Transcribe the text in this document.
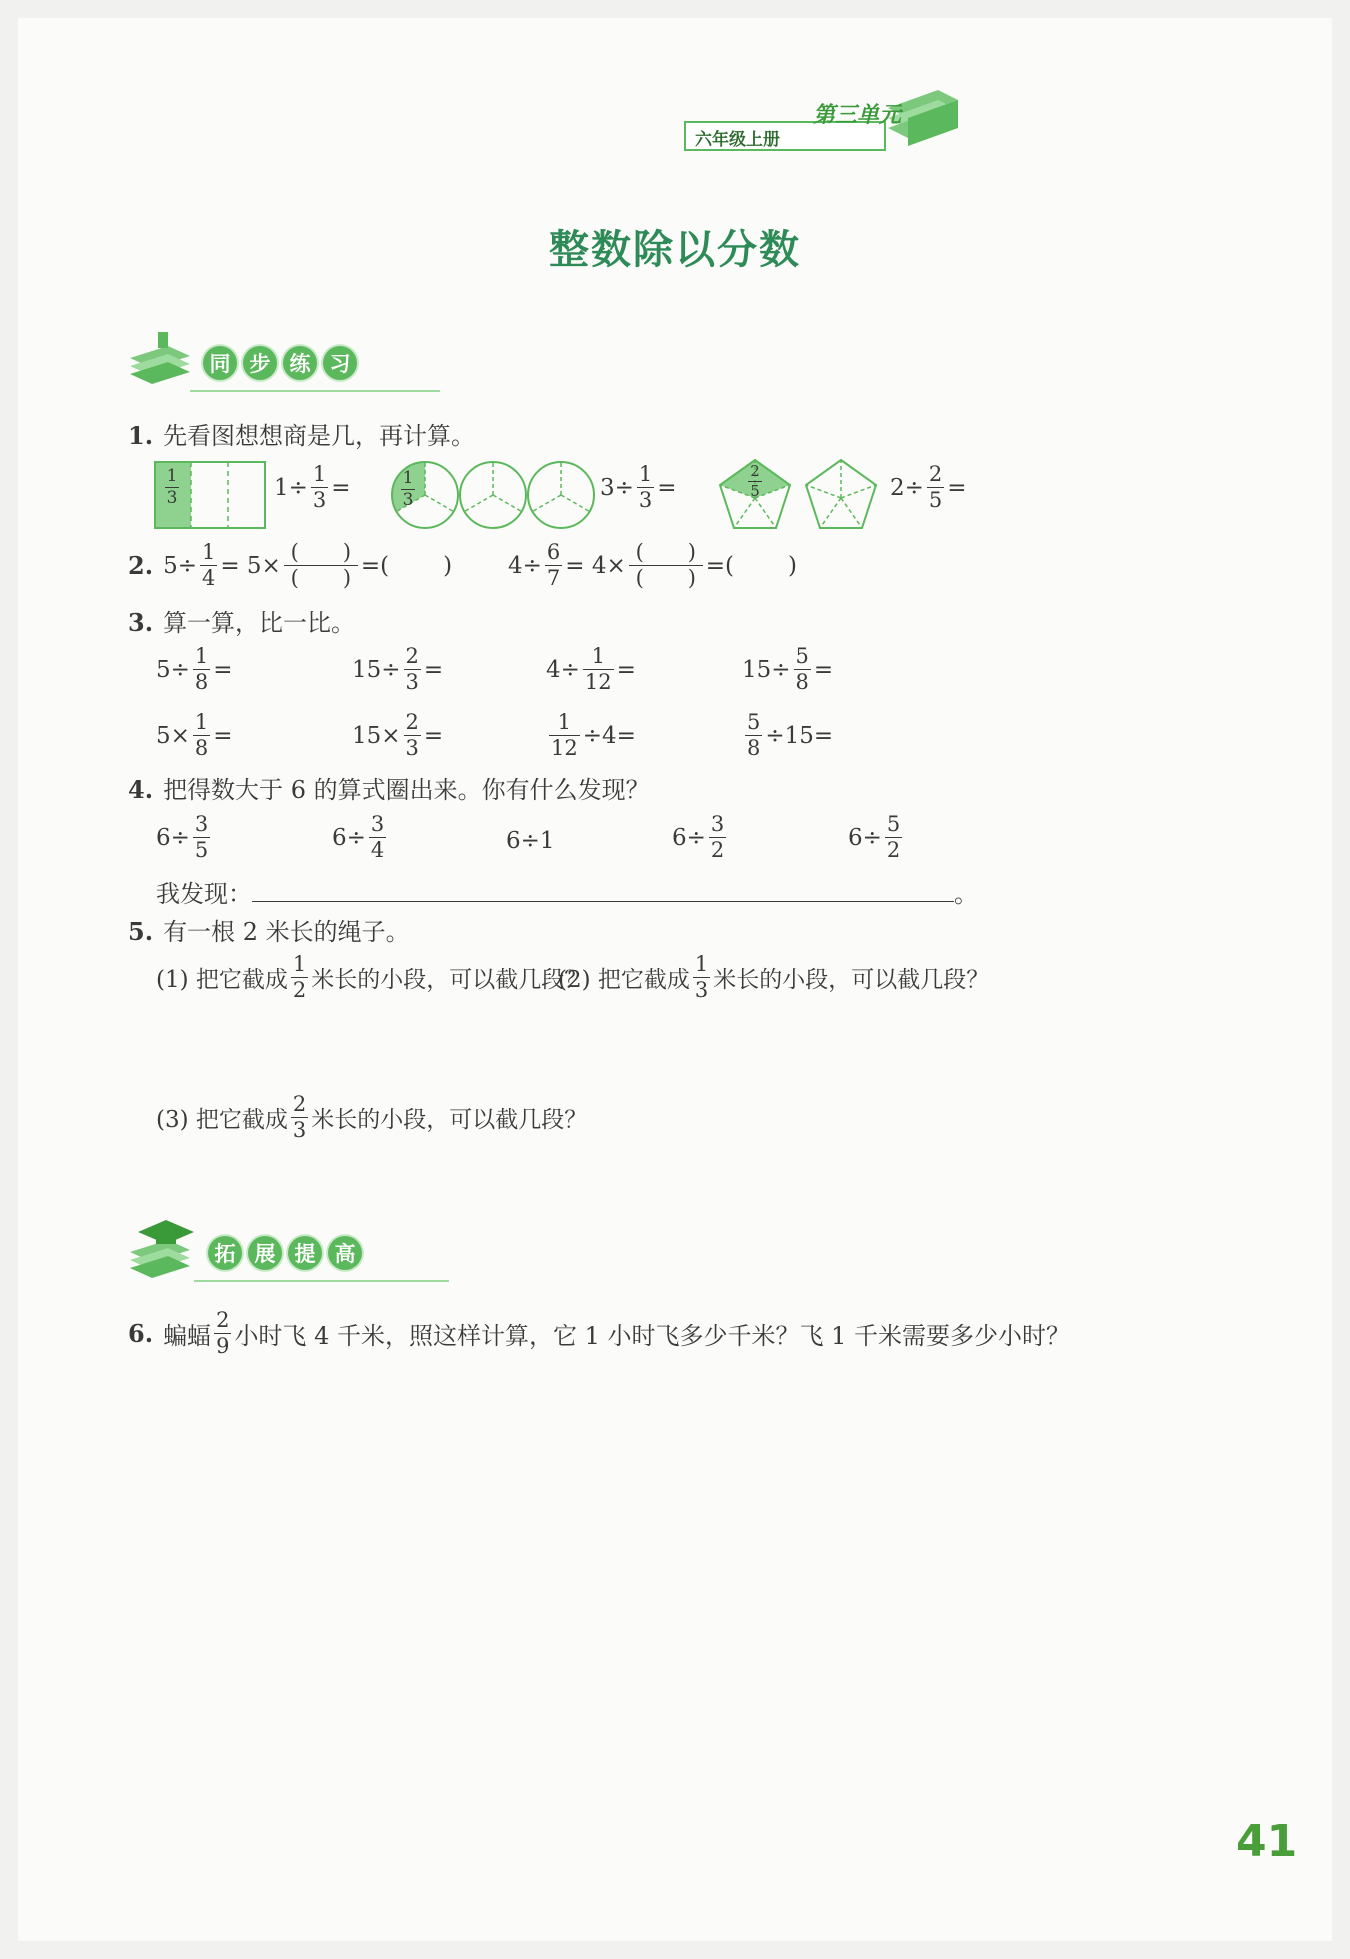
六年级上册
第三单元
整数除以分数
同 步 练 习
1. 先看图想想商是几，再计算。
$\frac{1}{3}$	$1\div \frac{1}{3}$ =	$\frac{1}{3}$	$3\div \frac{1}{3}$ =	$\frac{2}{5}$	$2\div \frac{2}{5}$ =
2. $5\div \frac{1}{4} = 5\times \frac{( )}{( )}$ =( ) $4\div \frac{6}{7} = 4\times \frac{( )}{( )}$ =( )
3. 算一算，比一比。
$5\div \frac{1}{8}$ =	$15\div \frac{2}{3}$ =	$4\div \frac{1}{12}$ =	$15\div \frac{5}{8}$ =
$5\times \frac{1}{8}$ =	$15\times \frac{2}{3}$ =	$\frac{1}{12} \div 4=$	$\frac{5}{8} \div 15=$
4. 把得数大于 6 的算式圈出来。你有什么发现？
$6\div \frac{3}{5}$	$6\div \frac{3}{4}$	6÷1	$6\div \frac{3}{2}$	$6\div \frac{5}{2}$
我发现：	。
5. 有一根 2 米长的绳子。
(1) 把它截成 $\frac{1}{2}$ 米长的小段，可以截几段？
(2) 把它截成 $\frac{1}{3}$ 米长的小段，可以截几段？
(3) 把它截成 $\frac{2}{3}$ 米长的小段，可以截几段？
拓 展 提 高
6. 蝙蝠 $\frac{2}{9}$ 小时飞 4 千米，照这样计算，它 1 小时飞多少千米？飞 1 千米需要多少小时？
41
